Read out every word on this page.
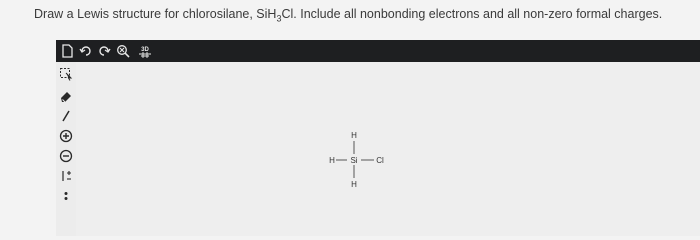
Draw a Lewis structure for chlorosilane, SiH$_3$Cl. Include all nonbonding electrons and all non-zero formal charges.
3D
Si
H	Cl
H
H
